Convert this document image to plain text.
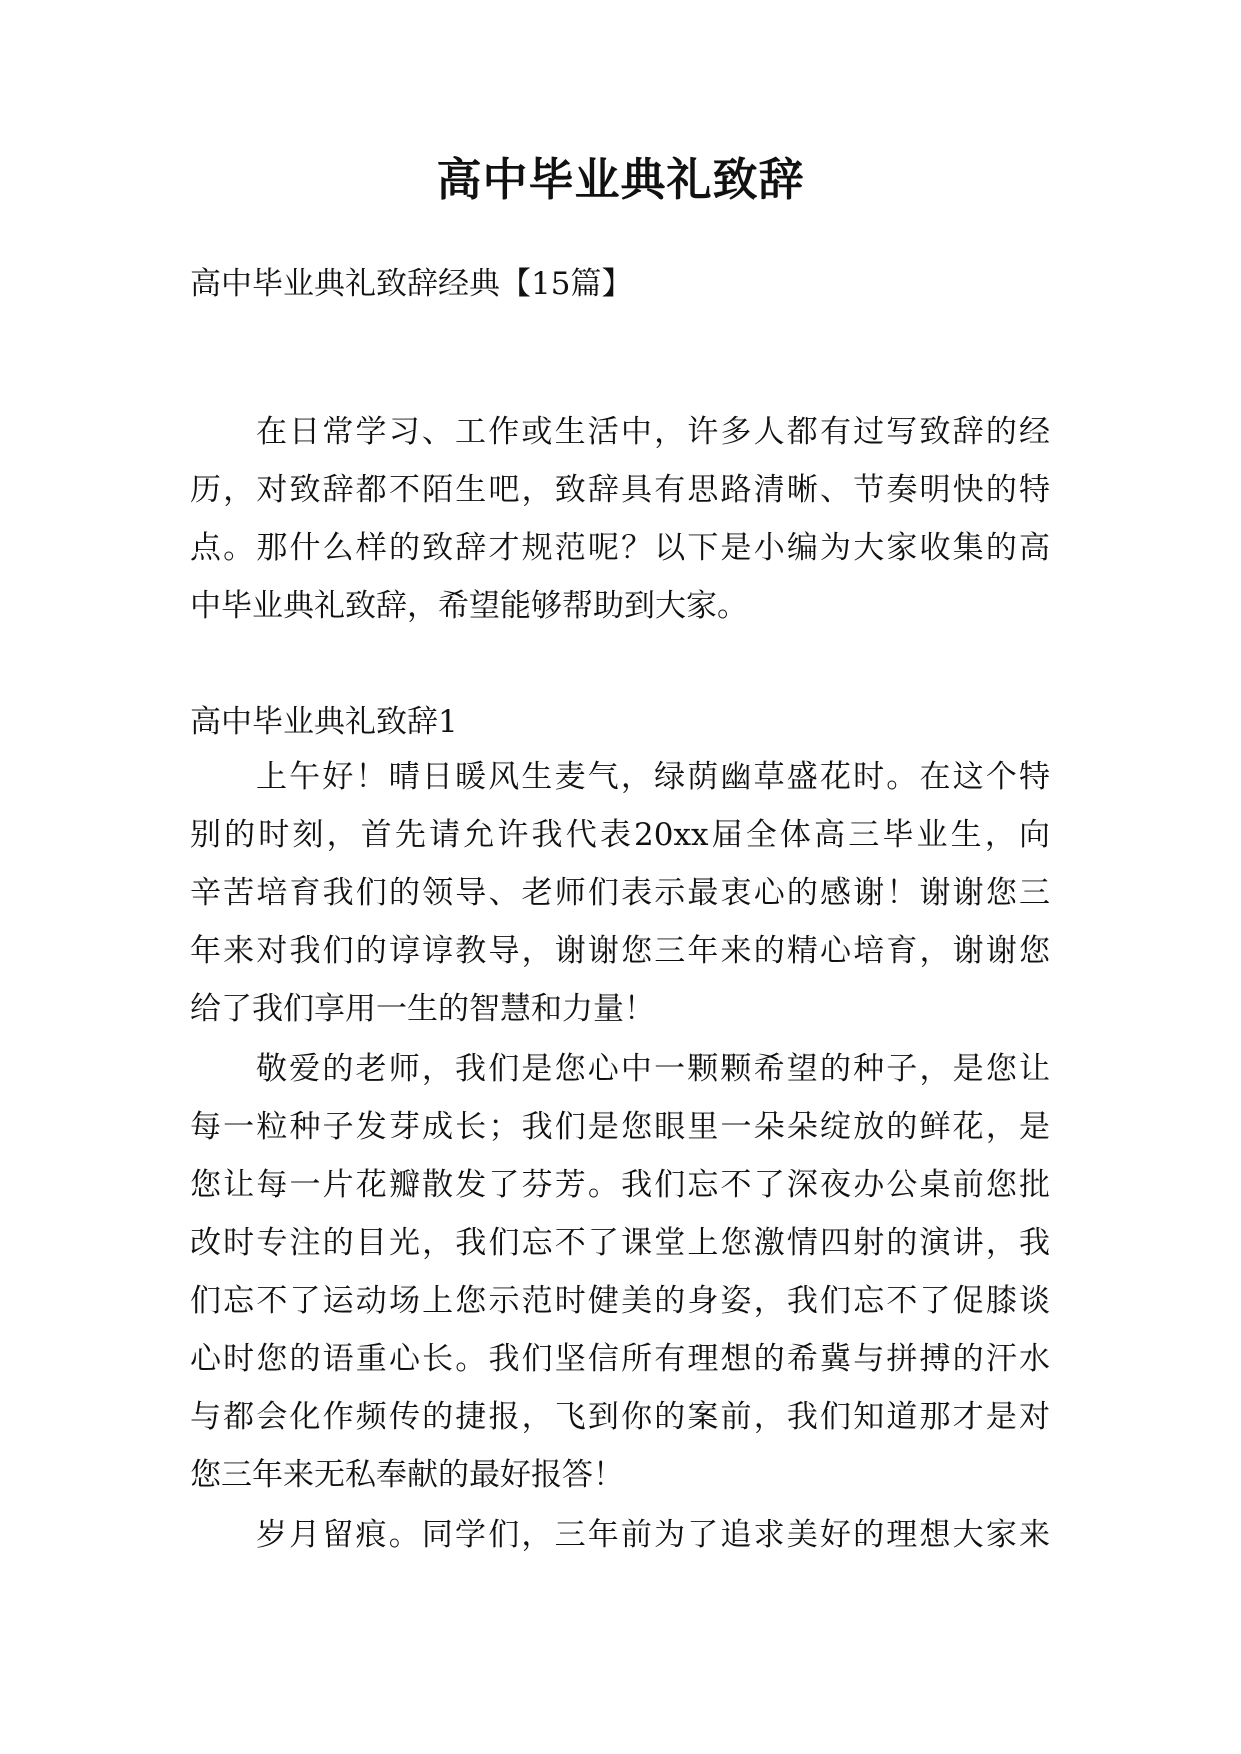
高中毕业典礼致辞
高中毕业典礼致辞经典【15篇】
在日常学习、工作或生活中，许多人都有过写致辞的经
历，对致辞都不陌生吧，致辞具有思路清晰、节奏明快的特
点。那什么样的致辞才规范呢？以下是小编为大家收集的高
中毕业典礼致辞，希望能够帮助到大家。
高中毕业典礼致辞1
上午好！晴日暖风生麦气，绿荫幽草盛花时。在这个特
别的时刻，首先请允许我代表20xx届全体高三毕业生，向
辛苦培育我们的领导、老师们表示最衷心的感谢！谢谢您三
年来对我们的谆谆教导，谢谢您三年来的精心培育，谢谢您
给了我们享用一生的智慧和力量！
敬爱的老师，我们是您心中一颗颗希望的种子，是您让
每一粒种子发芽成长；我们是您眼里一朵朵绽放的鲜花，是
您让每一片花瓣散发了芬芳。我们忘不了深夜办公桌前您批
改时专注的目光，我们忘不了课堂上您激情四射的演讲，我
们忘不了运动场上您示范时健美的身姿，我们忘不了促膝谈
心时您的语重心长。我们坚信所有理想的希冀与拼搏的汗水
与都会化作频传的捷报，飞到你的案前，我们知道那才是对
您三年来无私奉献的最好报答！
岁月留痕。同学们，三年前为了追求美好的理想大家来
